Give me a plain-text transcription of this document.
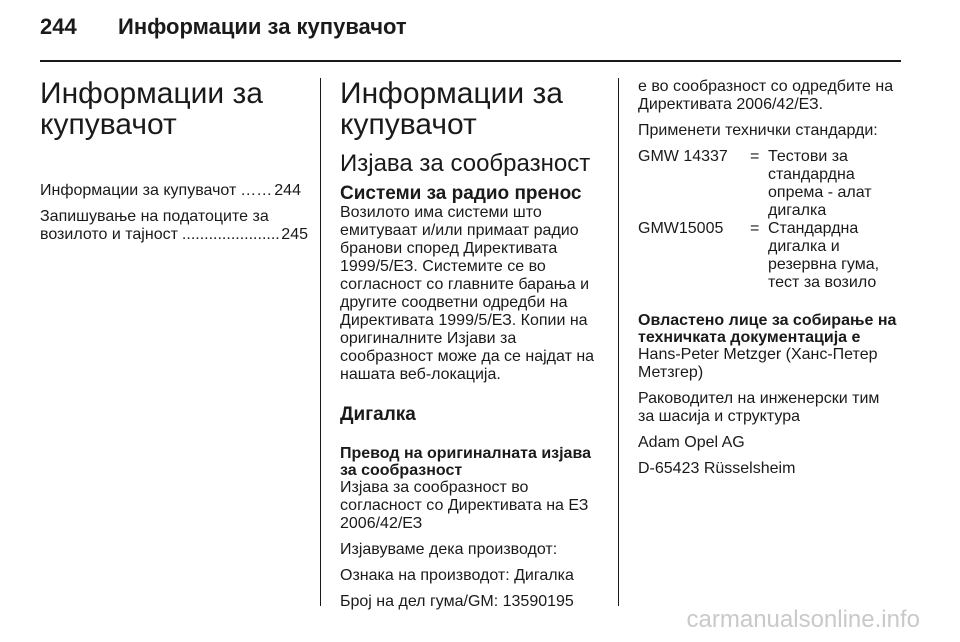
244 Информации за купувачот
Информации за купувачот
Информации за купувачот …… 244
Запишување на податоците за
возилото и тајност
.....	245
Информации за купувачот
Изјава за сообразност
Системи за радио пренос

Возилото има системи што емитуваат и/или примаат радио бранови според Директивата 1999/5/ЕЗ. Системите се во согласност со главните барања и другите соодветни одредби на Директивата 1999/5/ЕЗ. Копии на оригиналните Изјави за сообразност може да се најдат на нашата веб-локација.

Дигалка
Превод на оригиналната изјава за сообразност

Изјава за сообразност во согласност со Директивата на ЕЗ 2006/42/ЕЗ

Изјавуваме дека производот:

Ознака на производот: Дигалка

Број на дел гума/GM: 13590195

е во сообразност со одредбите на Директивата 2006/42/ЕЗ.

Применети технички стандарди:

GMW 14337	= Тестови за стандардна опрема - алат дигалка
GMW15005	= Стандардна дигалка и резервна гума, тест за возило
Овластено лице за собирање на техничката документација е

Hans-Peter Metzger (Ханс-Петер Метзгер)

Раководител на инженерски тим за шасија и структура

Adam Opel AG

D-65423 Rüsselsheim

carmanualsonline.info
